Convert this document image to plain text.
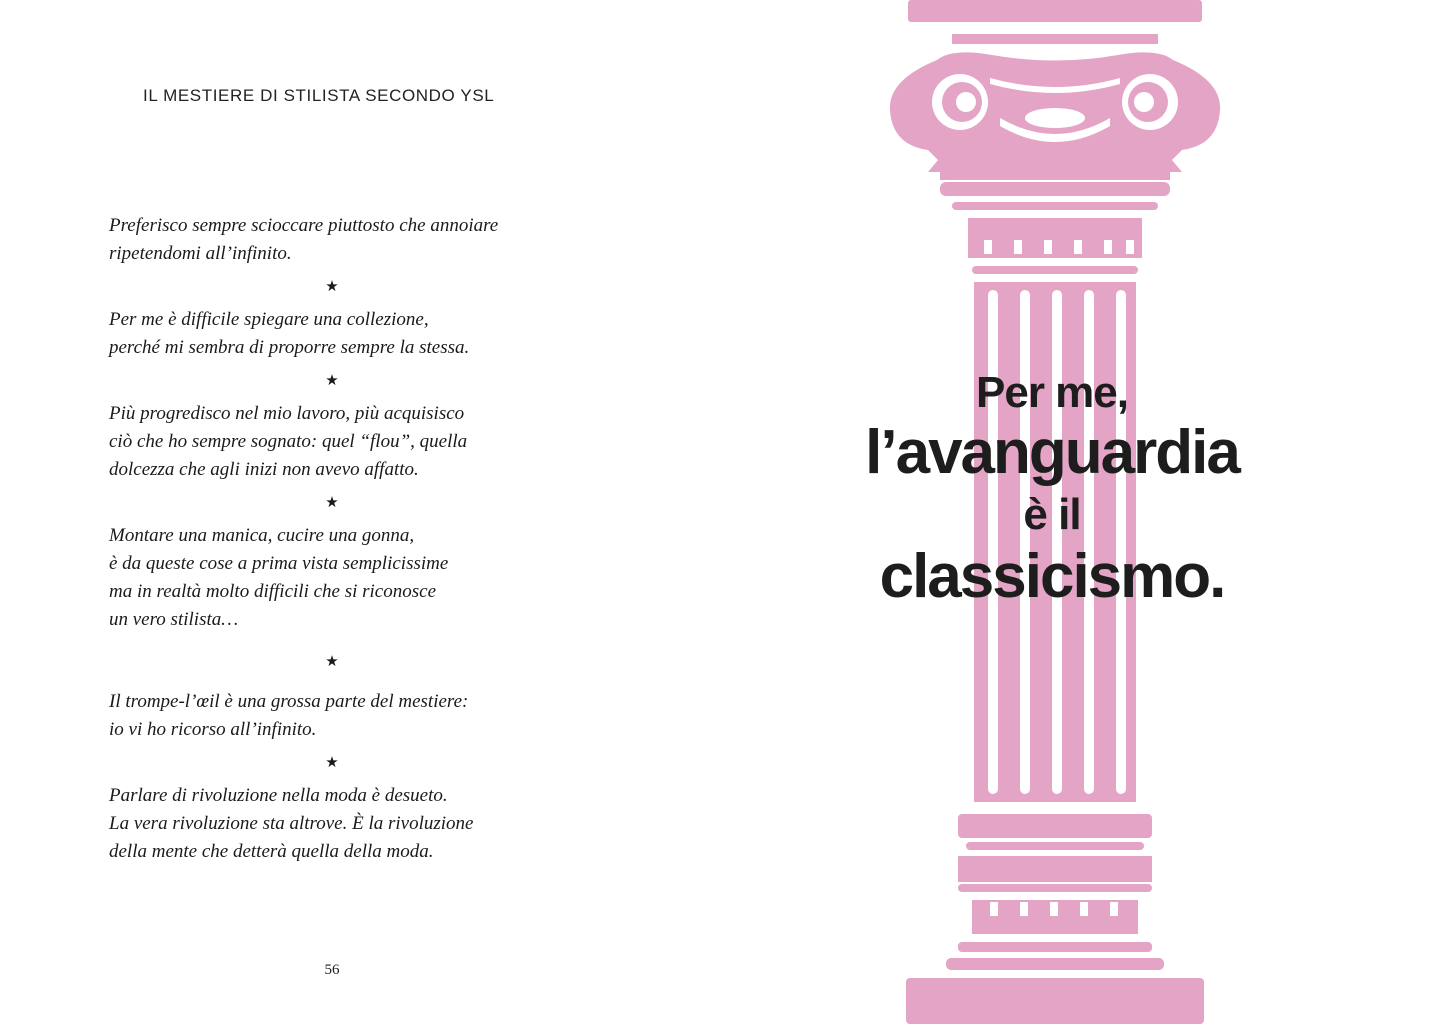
IL MESTIERE DI STILISTA SECONDO YSL

Preferisco sempre scioccare piuttosto che annoiare
ripetendomi all’infinito.

★

Per me è difficile spiegare una collezione,
perché mi sembra di proporre sempre la stessa.

★

Più progredisco nel mio lavoro, più acquisisco
ciò che ho sempre sognato: quel “flou”, quella
dolcezza che agli inizi non avevo affatto.

★

Montare una manica, cucire una gonna,
è da queste cose a prima vista semplicissime
ma in realtà molto difficili che si riconosce
un vero stilista…

★

Il trompe-l’œil è una grossa parte del mestiere:
io vi ho ricorso all’infinito.

★

Parlare di rivoluzione nella moda è desueto.
La vera rivoluzione sta altrove. È la rivoluzione
della mente che detterà quella della moda.

56
Per me,
l’avanguardia
è il
classicismo.
